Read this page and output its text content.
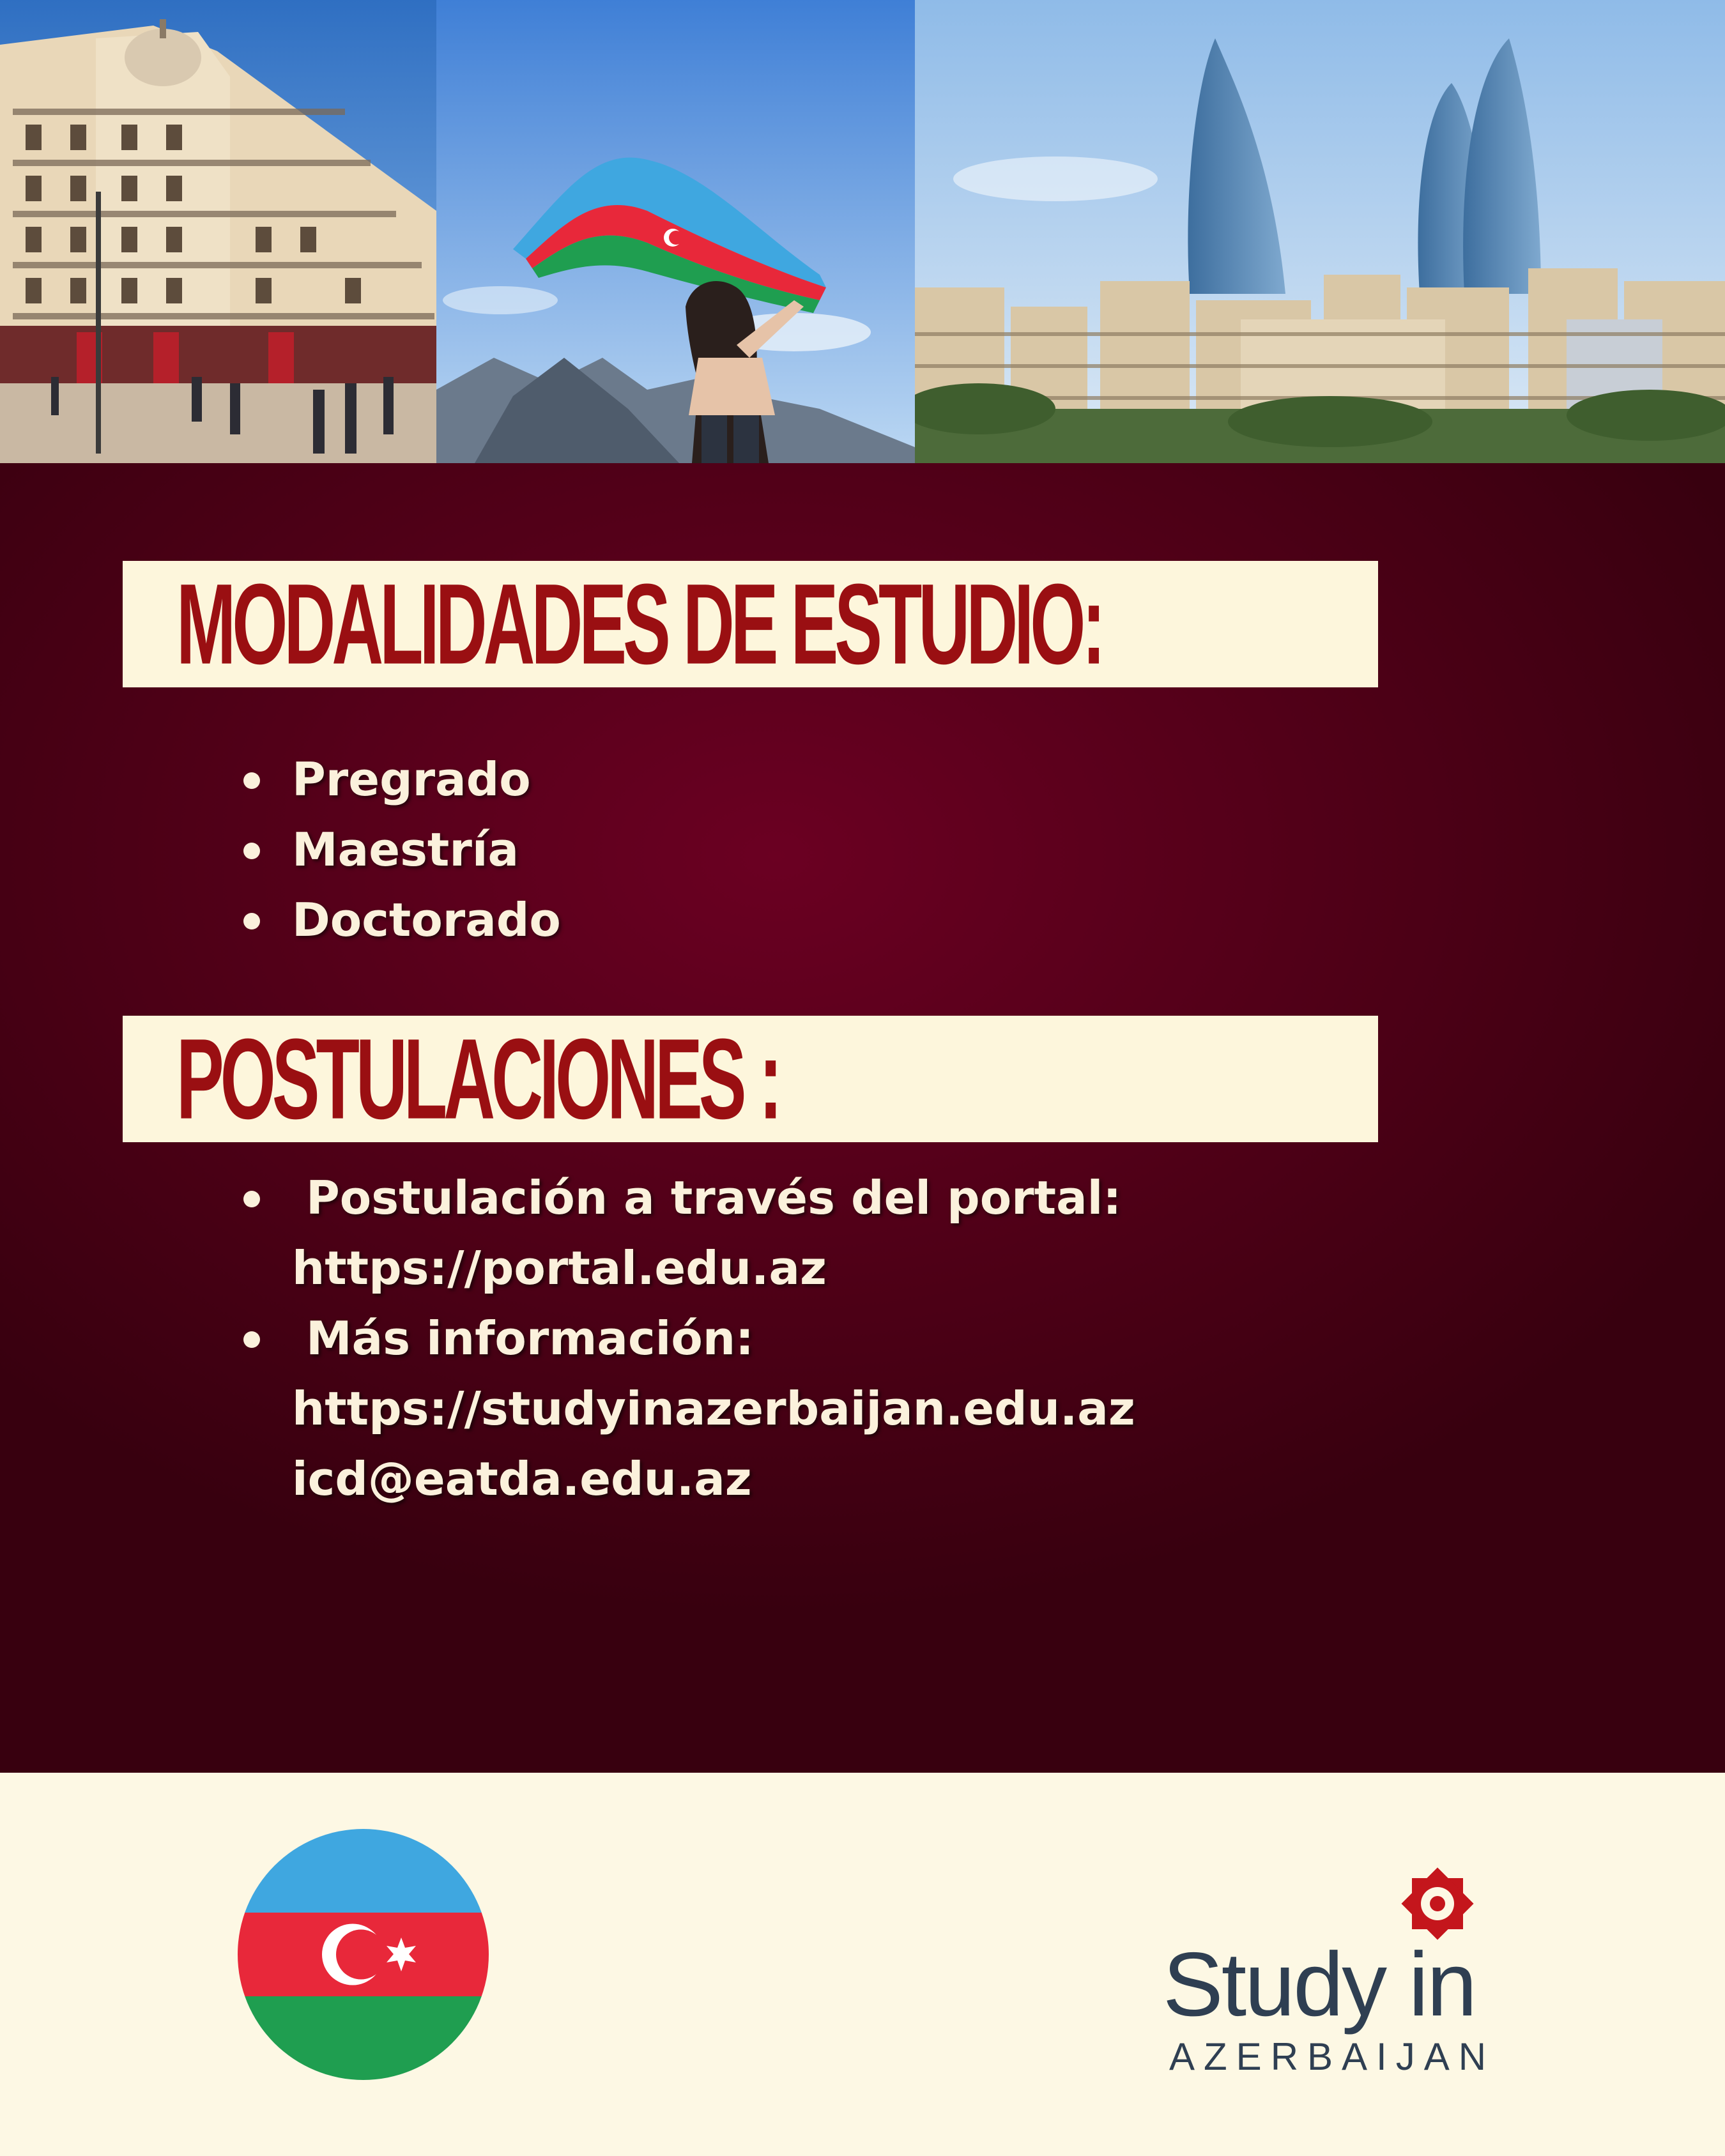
MODALIDADES DE ESTUDIO:
Pregrado
Maestría
Doctorado
POSTULACIONES :
Postulación a través del portal:
https://portal.edu.az
Más información:
https://studyinazerbaijan.edu.az
icd@eatda.edu.az
Study in
AZERBAIJAN
